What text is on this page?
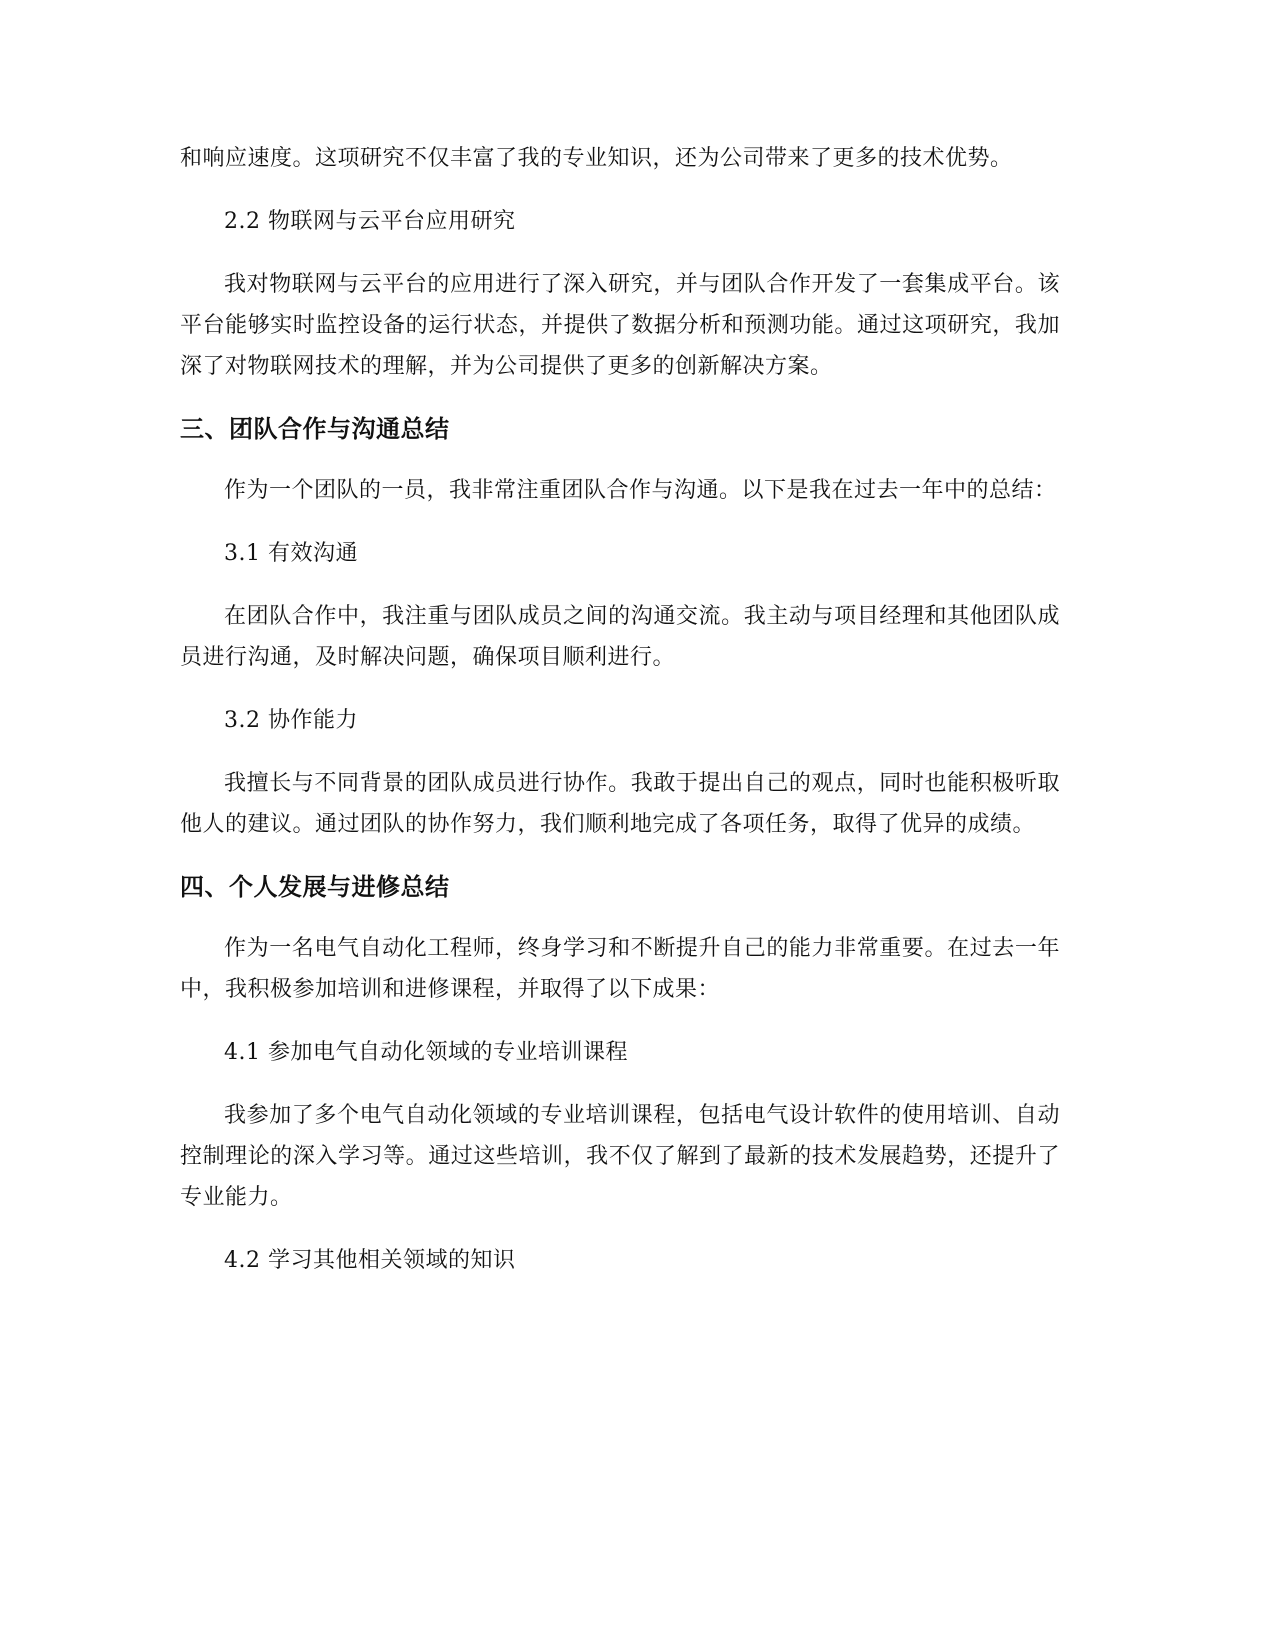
和响应速度。这项研究不仅丰富了我的专业知识，还为公司带来了更多的技术优势。

2.2 物联网与云平台应用研究

我对物联网与云平台的应用进行了深入研究，并与团队合作开发了一套集成平台。该平台能够实时监控设备的运行状态，并提供了数据分析和预测功能。通过这项研究，我加深了对物联网技术的理解，并为公司提供了更多的创新解决方案。

三、团队合作与沟通总结

作为一个团队的一员，我非常注重团队合作与沟通。以下是我在过去一年中的总结：

3.1 有效沟通

在团队合作中，我注重与团队成员之间的沟通交流。我主动与项目经理和其他团队成员进行沟通，及时解决问题，确保项目顺利进行。

3.2 协作能力

我擅长与不同背景的团队成员进行协作。我敢于提出自己的观点，同时也能积极听取他人的建议。通过团队的协作努力，我们顺利地完成了各项任务，取得了优异的成绩。

四、个人发展与进修总结

作为一名电气自动化工程师，终身学习和不断提升自己的能力非常重要。在过去一年中，我积极参加培训和进修课程，并取得了以下成果：

4.1 参加电气自动化领域的专业培训课程

我参加了多个电气自动化领域的专业培训课程，包括电气设计软件的使用培训、自动控制理论的深入学习等。通过这些培训，我不仅了解到了最新的技术发展趋势，还提升了专业能力。

4.2 学习其他相关领域的知识
